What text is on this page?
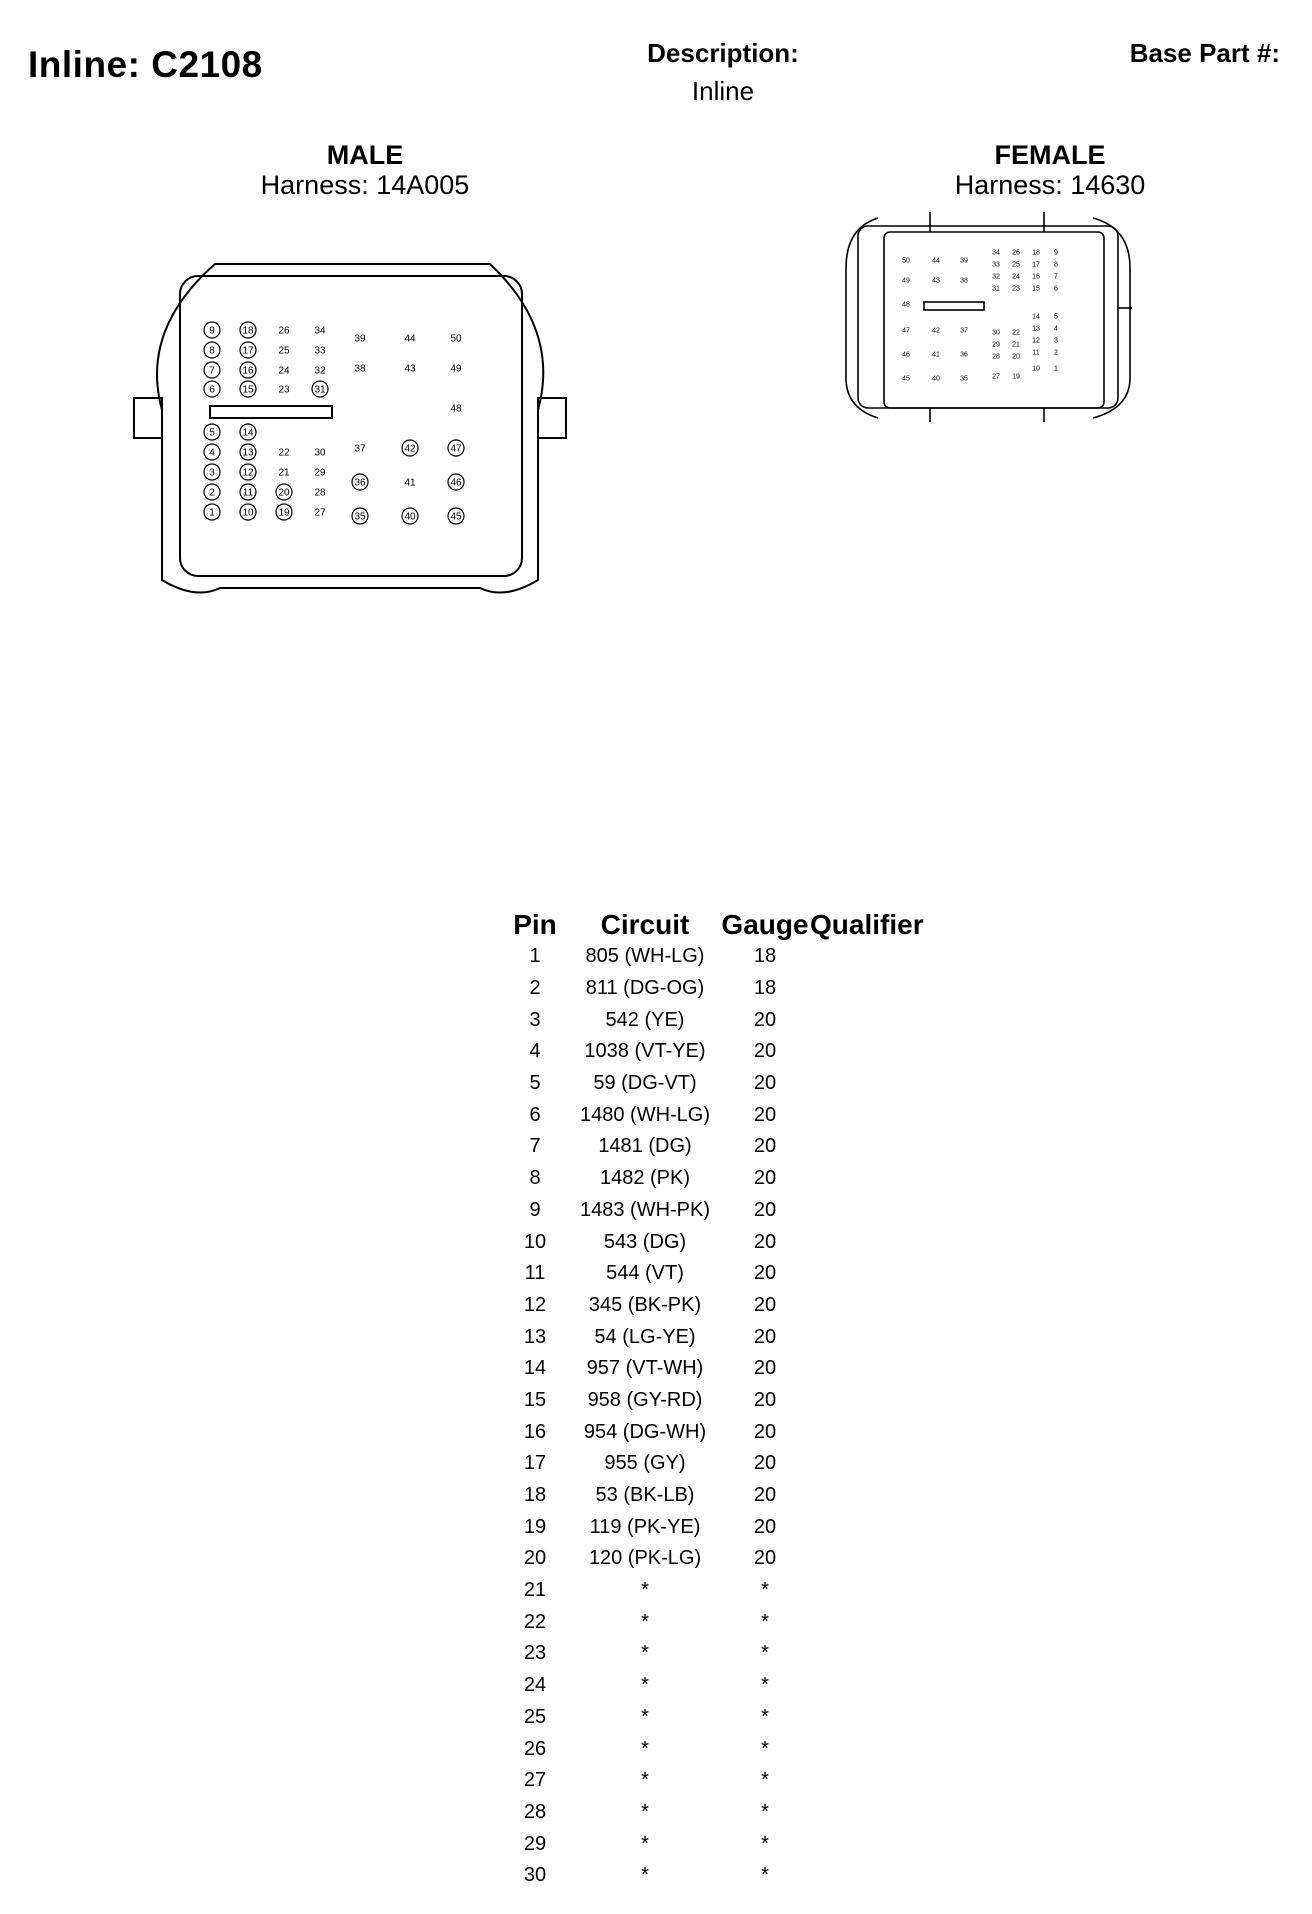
Inline: C2108	Description:
Inline
Base Part #:
MALE
Harness: 14A005
FEMALE
Harness: 14630
1
2
3
4
5
6
7
8
9
10
11
12
13
14
15
16
17
18
19
20
21
22
23
24
25
26
27
28
29
30
31
32
33
34
35
36
37
38
39
40
41
42
43
44
45
46
47
48
49
50
1
2
3
4
5
6
7
8
9
10
11
12
13
14
15
16
17
18
19
20
21
22
23
24
25
26
27
28
29
30
31
32
33
34
35
36
37
38
39
40
41
42
43
44
45
46
47
48
49
50
Pin	Circuit	Gauge Qualifier
1	805 (WH-LG)	18
2	811 (DG-OG)	18
3	542 (YE)	20
4	1038 (VT-YE)	20
5	59 (DG-VT)	20
6	1480 (WH-LG)	20
7	1481 (DG)	20
8	1482 (PK)	20
9	1483 (WH-PK)	20
10	543 (DG)	20
11	544 (VT)	20
12	345 (BK-PK)	20
13	54 (LG-YE)	20
14	957 (VT-WH)	20
15	958 (GY-RD)	20
16	954 (DG-WH)	20
17	955 (GY)	20
18	53 (BK-LB)	20
19	119 (PK-YE)	20
20	120 (PK-LG)	20
21	*	*
22	*	*
23	*	*
24	*	*
25	*	*
26	*	*
27	*	*
28	*	*
29	*	*
30	*	*
